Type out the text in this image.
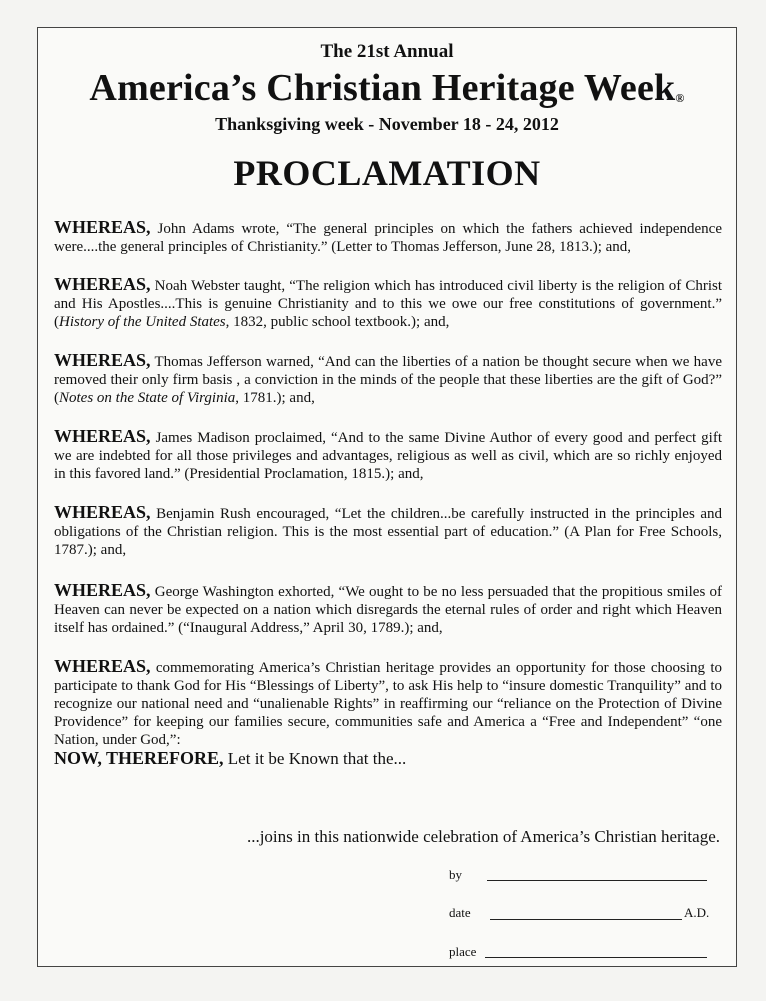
The 21st Annual
America’s Christian Heritage Week®
Thanksgiving week - November 18 - 24, 2012
PROCLAMATION
WHEREAS, John Adams wrote, “The general principles on which the fathers achieved independence were....the general principles of Christianity.” (Letter to Thomas Jefferson, June 28, 1813.); and,
WHEREAS, Noah Webster taught, “The religion which has introduced civil liberty is the religion of Christ and His Apostles....This is genuine Christianity and to this we owe our free constitutions of government.” (History of the United States, 1832, public school textbook.); and,
WHEREAS, Thomas Jefferson warned, “And can the liberties of a nation be thought secure when we have removed their only firm basis , a conviction in the minds of the people that these liberties are the gift of God?” (Notes on the State of Virginia, 1781.); and,
WHEREAS, James Madison proclaimed, “And to the same Divine Author of every good and perfect gift we are indebted for all those privileges and advantages, religious as well as civil, which are so richly enjoyed in this favored land.” (Presidential Proclamation, 1815.); and,
WHEREAS, Benjamin Rush encouraged, “Let the children...be carefully instructed in the principles and obligations of the Christian religion. This is the most essential part of education.” (A Plan for Free Schools, 1787.); and,
WHEREAS, George Washington exhorted, “We ought to be no less persuaded that the propitious smiles of Heaven can never be expected on a nation which disregards the eternal rules of order and right which Heaven itself has ordained.” (“Inaugural Address,” April 30, 1789.); and,
WHEREAS, commemorating America’s Christian heritage provides an opportunity for those choosing to participate to thank God for His “Blessings of Liberty”, to ask His help to “insure domestic Tranquility” and to recognize our national need and “unalienable Rights” in reaffirming our “reliance on the Protection of Divine Providence” for keeping our families secure, communities safe and America a “Free and Independent” “one Nation, under God,”:
NOW, THEREFORE, Let it be Known that the...
...joins in this nationwide celebration of America’s Christian heritage.
by
date	A.D.
place
